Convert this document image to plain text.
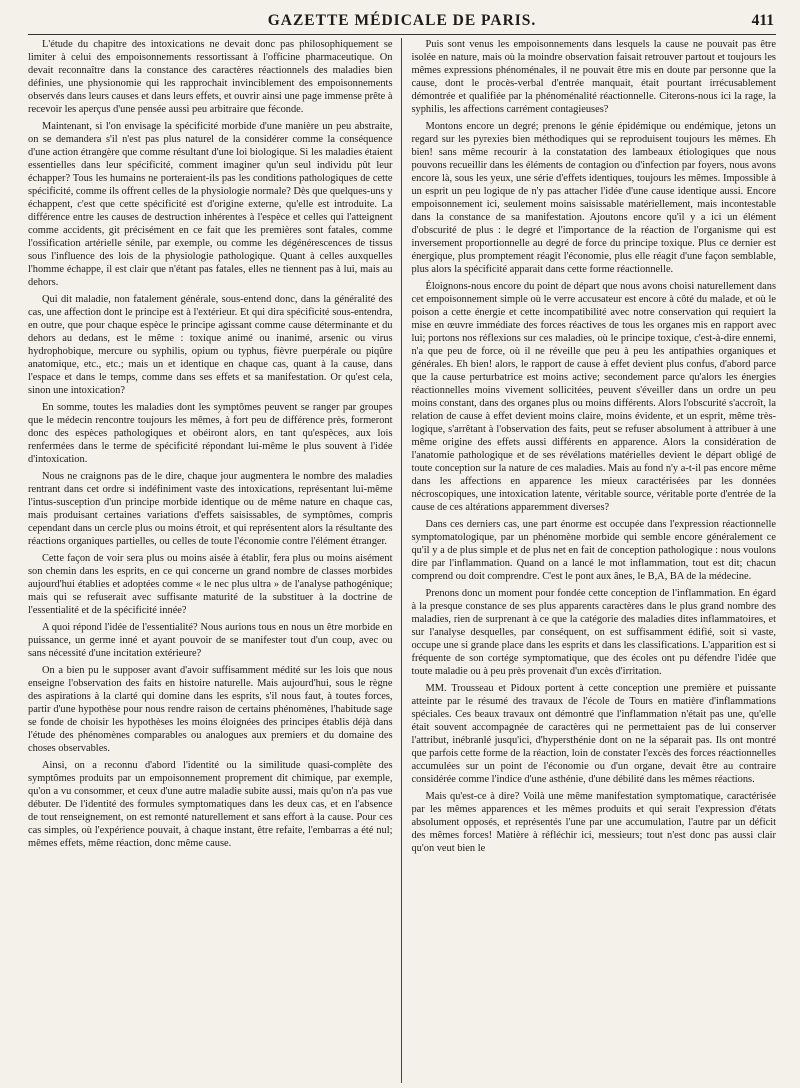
GAZETTE MÉDICALE DE PARIS.	411

L'étude du chapitre des intoxications ne devait donc pas philosophiquement se limiter à celui des empoisonnements ressortissant à l'officine pharmaceutique. On devait reconnaître dans la constance des caractères réactionnels des maladies bien définies, une physionomie qui les rapprochait invinciblement des empoisonnements observés dans leurs causes et dans leurs effets, et ouvrir ainsi une page immense prête à recevoir les aperçus d'une pensée aussi peu arbitraire que féconde.

Maintenant, si l'on envisage la spécificité morbide d'une manière un peu abstraite, on se demandera s'il n'est pas plus naturel de la considérer comme la conséquence d'une action étrangère que comme résultant d'une loi biologique. Si les maladies étaient essentielles dans leur spécificité, comment imaginer qu'un seul individu pût leur échapper? Tous les humains ne porteraient-ils pas les conditions pathologiques de cette spécificité, comme ils offrent celles de la physiologie normale? Dès que quelques-uns y échappent, c'est que cette spécificité est d'origine externe, qu'elle est introduite. La différence entre les causes de destruction inhérentes à l'espèce et celles qui l'atteignent comme accidents, git précisément en ce fait que les premières sont fatales, comme l'ossification artérielle sénile, par exemple, ou comme les dégénérescences de tissus sous l'influence des lois de la physiologie pathologique. Quant à celles auxquelles l'homme échappe, il est clair que n'étant pas fatales, elles ne tiennent pas à lui, mais au dehors.

Qui dit maladie, non fatalement générale, sous-entend donc, dans la généralité des cas, une affection dont le principe est à l'extérieur. Et qui dira spécificité sous-entendra, en outre, que pour chaque espèce le principe agissant comme cause déterminante et du dehors au dedans, est le même : toxique animé ou inanimé, arsenic ou virus hydrophobique, mercure ou syphilis, opium ou typhus, fièvre puerpérale ou piqûre anatomique, etc., etc.; mais un et identique en chaque cas, quant à la cause, dans l'espace et dans le temps, comme dans ses effets et sa manifestation. Or qu'est cela, sinon une intoxication?

En somme, toutes les maladies dont les symptômes peuvent se ranger par groupes que le médecin rencontre toujours les mêmes, à fort peu de différence près, formeront donc des espèces pathologiques et obéiront alors, en tant qu'espèces, aux lois renfermées dans le terme de spécificité répondant lui-même le plus souvent à l'idée d'intoxication.

Nous ne craignons pas de le dire, chaque jour augmentera le nombre des maladies rentrant dans cet ordre si indéfiniment vaste des intoxications, représentant lui-même l'intus-susception d'un principe morbide identique ou de même nature en chaque cas, mais produisant certaines variations d'effets saisissables, de symptômes, compris cependant dans un cercle plus ou moins étroit, et qui représentent alors la résultante des réactions organiques partielles, ou celles de toute l'économie contre l'élément étranger.

Cette façon de voir sera plus ou moins aisée à établir, fera plus ou moins aisément son chemin dans les esprits, en ce qui concerne un grand nombre de classes morbides aujourd'hui établies et adoptées comme « le nec plus ultra » de l'analyse pathogénique; mais qui se refuserait avec suffisante maturité de la substituer à la doctrine de l'essentialité et de la spécificité innée?

A quoi répond l'idée de l'essentialité? Nous aurions tous en nous un être morbide en puissance, un germe inné et ayant pouvoir de se manifester tout d'un coup, avec ou sans nécessité d'une incitation extérieure?

On a bien pu le supposer avant d'avoir suffisamment médité sur les lois que nous enseigne l'observation des faits en histoire naturelle. Mais aujourd'hui, sous le règne des aspirations à la clarté qui domine dans les esprits, s'il nous faut, à toutes forces, partir d'une hypothèse pour nous rendre raison de certains phénomènes, l'habitude sage se fonde de choisir les hypothèses les moins éloignées des principes établis déjà dans l'étude des phénomènes comparables ou analogues aux premiers et du domaine des choses observables.

Ainsi, on a reconnu d'abord l'identité ou la similitude quasi-complète des symptômes produits par un empoisonnement proprement dit chimique, par exemple, qu'on a vu consommer, et ceux d'une autre maladie subite aussi, mais qu'on n'a pas vue débuter. De l'identité des formules symptomatiques dans les deux cas, et en l'absence de tout renseignement, on est remonté naturellement et sans effort à la cause. Pour ces cas simples, où l'expérience pouvait, à chaque instant, être refaite, l'embarras a été nul; mêmes effets, même réaction, donc même cause.

Puis sont venus les empoisonnements dans lesquels la cause ne pouvait pas être isolée en nature, mais où la moindre observation faisait retrouver partout et toujours les mêmes expressions phénoménales, il ne pouvait être mis en doute par personne que la cause, dont le procès-verbal d'entrée manquait, était pourtant irrécusablement démontrée et qualifiée par la phénoménalité réactionnelle. Citerons-nous ici la rage, la syphilis, les affections carrément contagieuses?

Montons encore un degré; prenons le génie épidémique ou endémique, jetons un regard sur les pyrexies bien méthodiques qui se reproduisent toujours les mêmes. Eh bien! sans même recourir à la constatation des lambeaux étiologiques que nous pouvons recueillir dans les éléments de contagion ou d'infection par foyers, nous avons encore là, sous les yeux, une série d'effets identiques, toujours les mêmes. Impossible à un esprit un peu logique de n'y pas attacher l'idée d'une cause identique aussi. Encore empoisonnement ici, seulement moins saisissable matériellement, mais incontestable dans la constance de sa manifestation. Ajoutons encore qu'il y a ici un élément d'obscurité de plus : le degré et l'importance de la réaction de l'organisme qui est inversement proportionnelle au degré de force du principe toxique. Plus ce dernier est énergique, plus promptement réagit l'économie, plus elle réagit d'une façon semblable, plus alors la spécificité apparait dans cette forme réactionnelle.

Éloignons-nous encore du point de départ que nous avons choisi naturellement dans cet empoisonnement simple où le verre accusateur est encore à côté du malade, et où le poison a cette énergie et cette incompatibilité avec notre conservation qui requiert la mise en œuvre immédiate des forces réactives de tous les organes mis en rapport avec lui; portons nos réflexions sur ces maladies, où le principe toxique, c'est-à-dire ennemi, n'a que peu de force, où il ne réveille que peu à peu les antipathies organiques et générales. Eh bien! alors, le rapport de cause à effet devient plus confus, d'abord parce que la cause perturbatrice est moins active; secondement parce qu'alors les énergies réactionnelles moins vivement sollicitées, peuvent s'éveiller dans un ordre un peu moins constant, dans des organes plus ou moins différents. Alors l'obscurité s'accroît, la relation de cause à effet devient moins claire, moins évidente, et un esprit, même très-logique, s'arrêtant à l'observation des faits, peut se refuser absolument à attribuer à une même origine des effets aussi différents en apparence. Alors la considération de l'anatomie pathologique et de ses révélations matérielles devient le départ obligé de toute conception sur la nature de ces maladies. Mais au fond n'y a-t-il pas encore même dans les affections en apparence les mieux caractérisées par les données nécroscopiques, une intoxication latente, véritable source, véritable porte d'entrée de la cause de ces altérations apparemment diverses?

Dans ces derniers cas, une part énorme est occupée dans l'expression réactionnelle symptomatologique, par un phénomène morbide qui semble encore généralement ce qu'il y a de plus simple et de plus net en fait de conception pathologique : nous voulons dire par l'inflammation. Quand on a lancé le mot inflammation, tout est dit; chacun comprend ou doit comprendre. C'est le pont aux ânes, le B,A, BA de la médecine.

Prenons donc un moment pour fondée cette conception de l'inflammation. En égard à la presque constance de ses plus apparents caractères dans le plus grand nombre des maladies, rien de surprenant à ce que la catégorie des maladies dites inflammatoires, et sur l'analyse desquelles, par conséquent, on est suffisamment édifié, soit si vaste, occupe une si grande place dans les esprits et dans les classifications. L'apparition est si fréquente de son cortége symptomatique, que des écoles ont pu défendre l'idée que toute maladie ou à peu près provenait d'un excès d'irritation.

MM. Trousseau et Pidoux portent à cette conception une première et puissante atteinte par le résumé des travaux de l'école de Tours en matière d'inflammations spéciales. Ces beaux travaux ont démontré que l'inflammation n'était pas une, qu'elle était souvent accompagnée de caractères qui ne permettaient pas de lui conserver l'attribut, inébranlé jusqu'ici, d'hypersthénie dont on ne la séparait pas. Ils ont montré que parfois cette forme de la réaction, loin de constater l'excès des forces réactionnelles accumulées sur un point de l'économie ou d'un organe, devait être au contraire considérée comme l'indice d'une asthénie, d'une débilité dans les mêmes réactions.

Mais qu'est-ce à dire? Voilà une même manifestation symptomatique, caractérisée par les mêmes apparences et les mêmes produits et qui serait l'expression d'états absolument opposés, et représentés l'une par une accumulation, l'autre par un déficit des mêmes forces! Matière à réfléchir ici, messieurs; tout n'est donc pas aussi clair qu'on veut bien le
